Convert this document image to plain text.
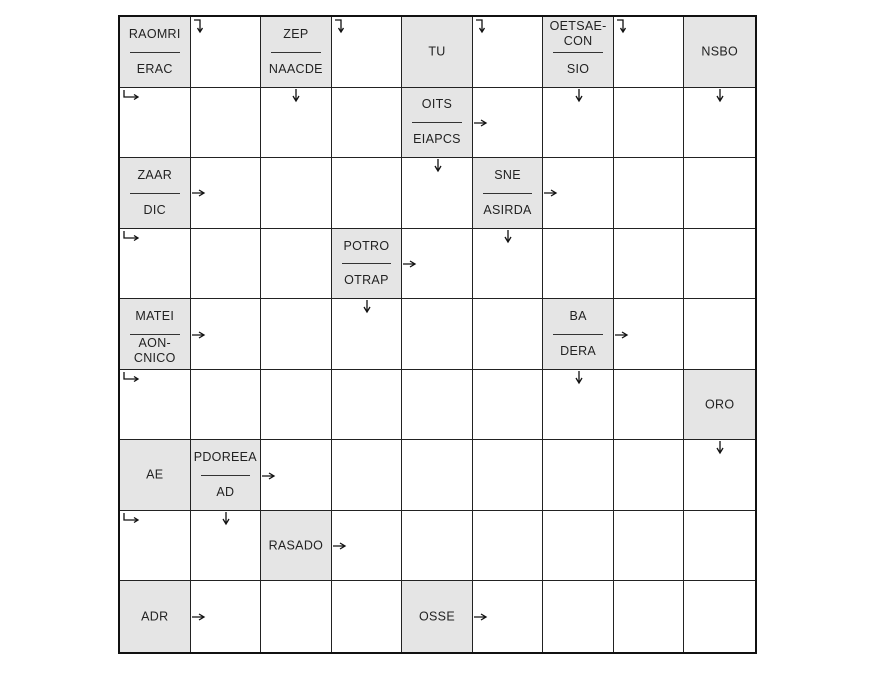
RAOMRI
ERAC
ZEP
NAACDE
TU
OETSAE-
CON
SIO
NSBO
OITS
EIAPCS
ZAAR
DIC
SNE
ASIRDA
POTRO
OTRAP
MATEI
AON-
CNICO
BA
DERA
ORO
AE
PDOREEA
AD
RASADO
ADR	OSSE
